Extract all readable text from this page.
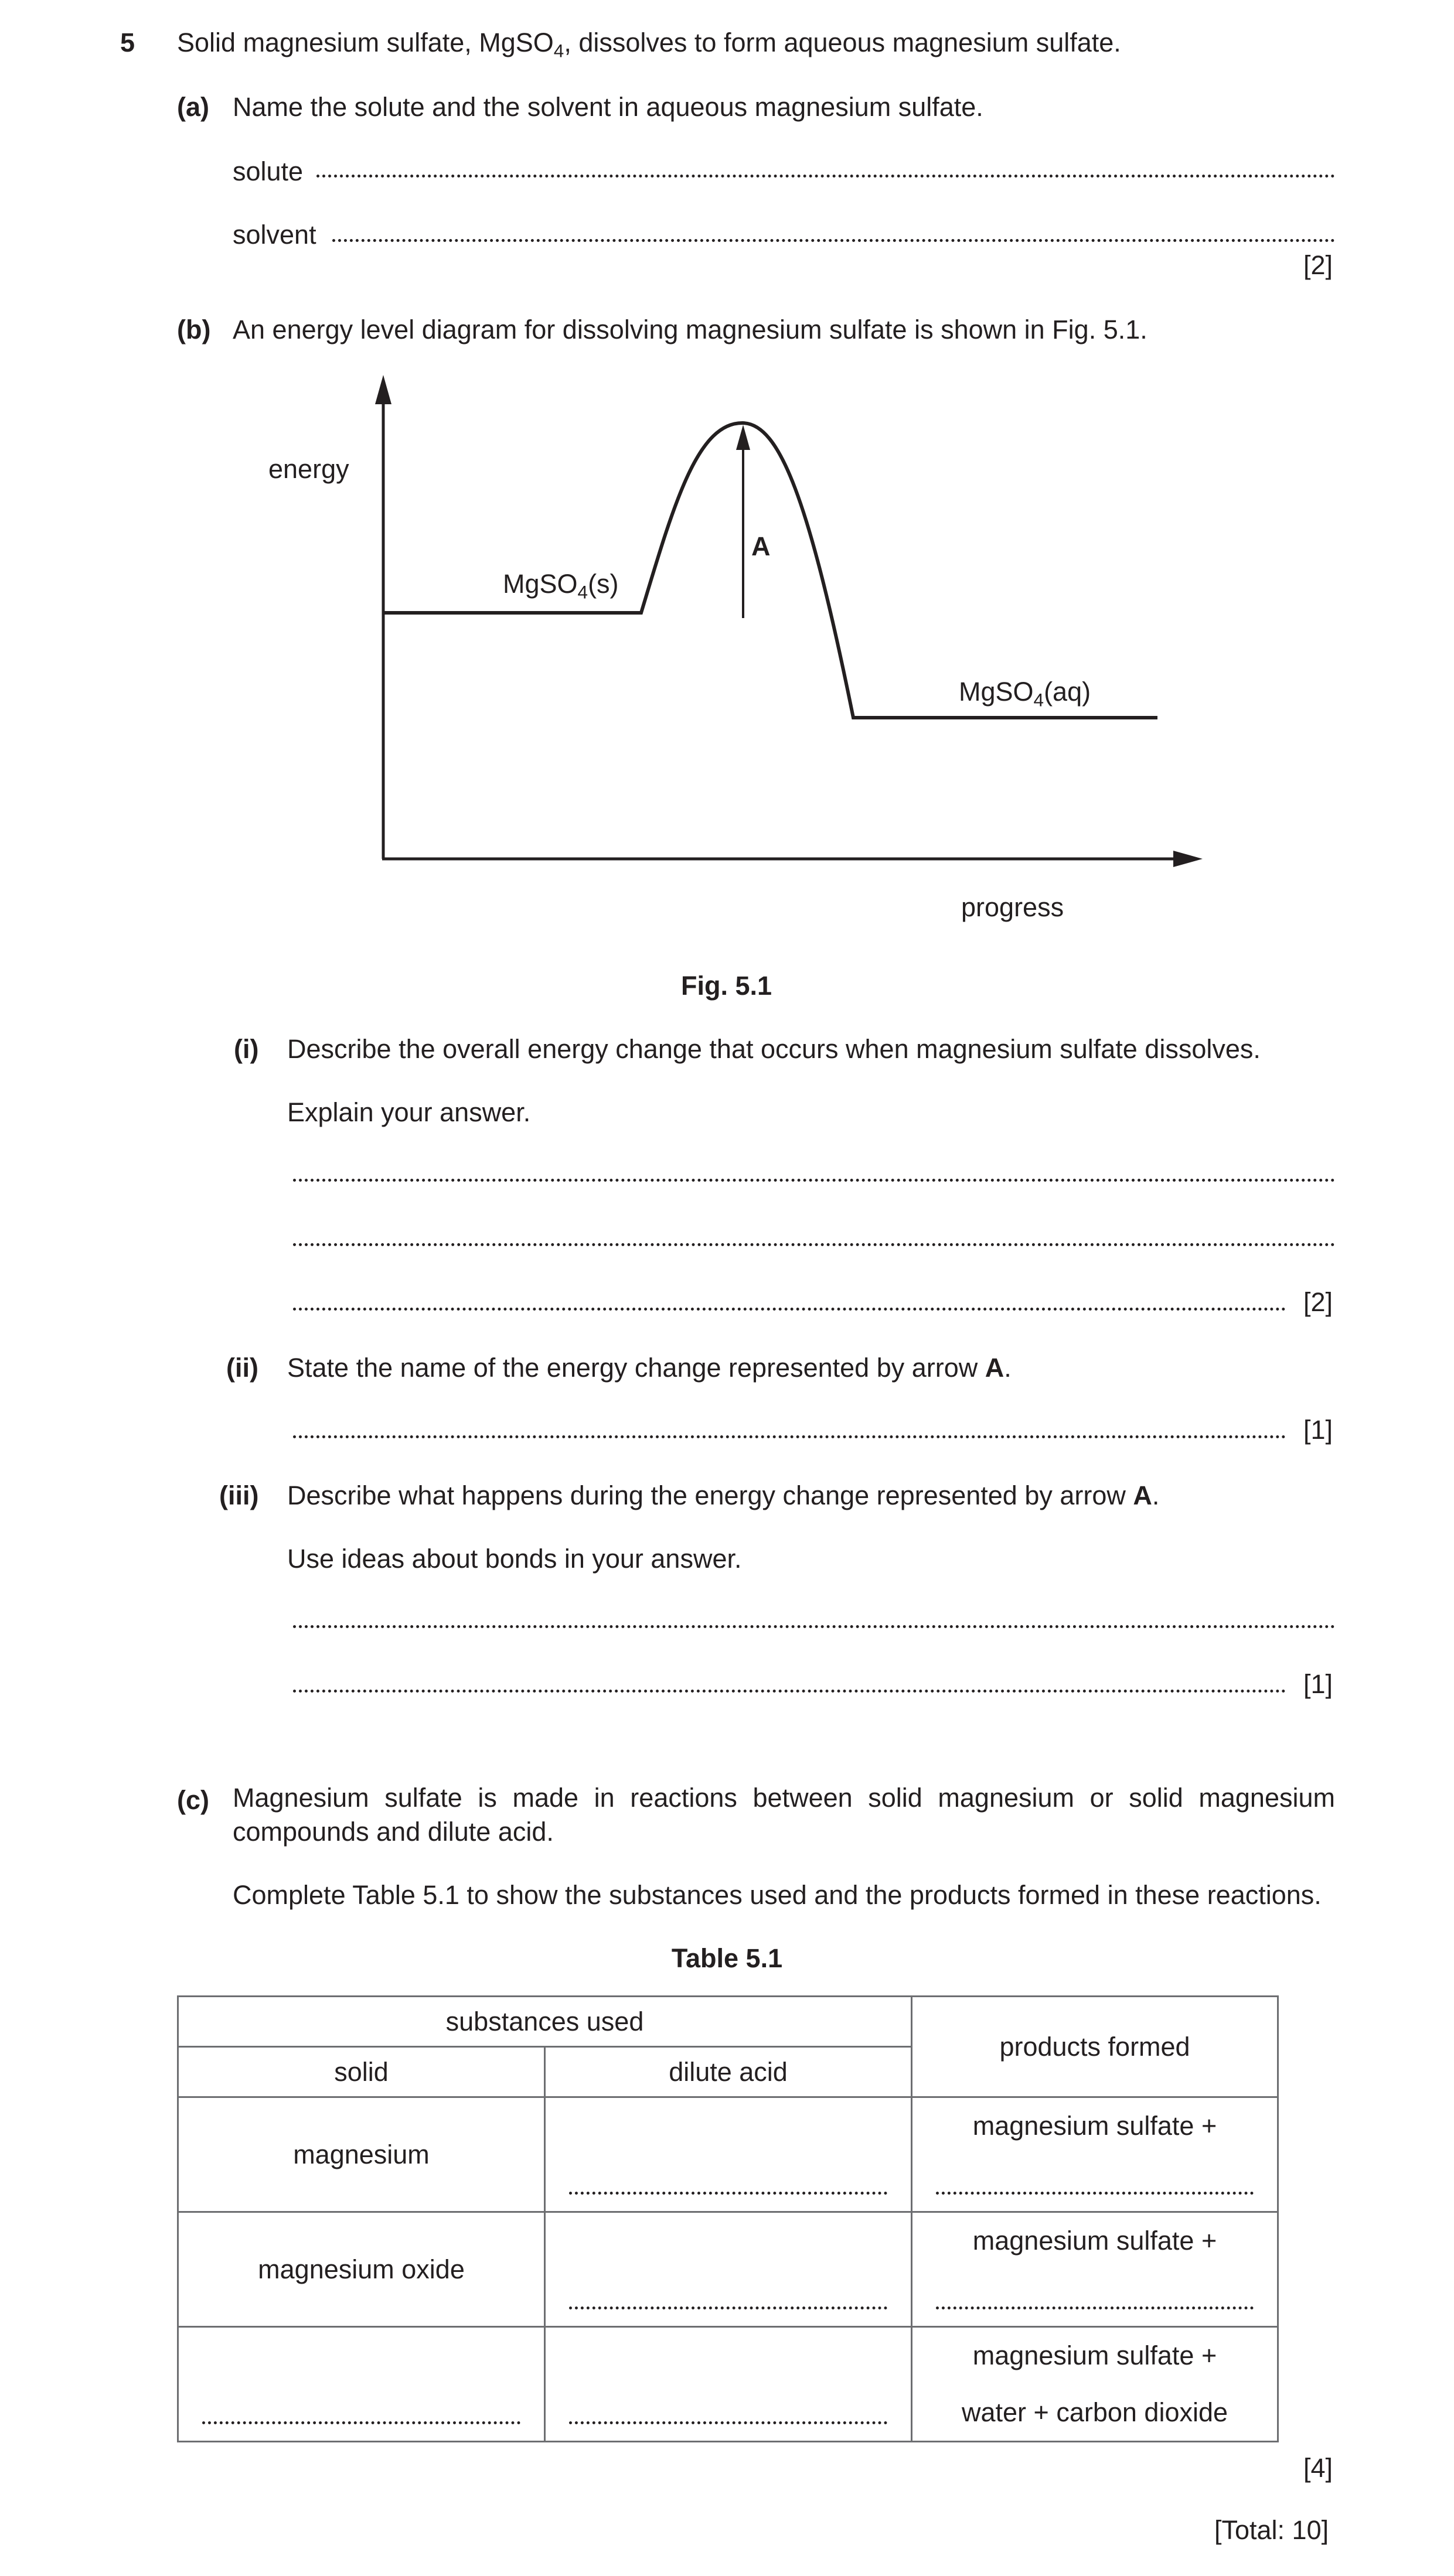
5 Solid magnesium sulfate, MgSO$_4$, dissolves to form aqueous magnesium sulfate.
(a) Name the solute and the solvent in aqueous magnesium sulfate.
solute
solvent
[2]
(b) An energy level diagram for dissolving magnesium sulfate is shown in Fig. 5.1.
energy
progress
A
MgSO$_4$(s)
MgSO$_4$(aq)
Fig. 5.1
(i) Describe the overall energy change that occurs when magnesium sulfate dissolves.
Explain your answer.
[2]
(ii) State the name of the energy change represented by arrow A.
[1]
(iii) Describe what happens during the energy change represented by arrow A.
Use ideas about bonds in your answer.
[1]
(c) Magnesium sulfate is made in reactions between solid magnesium or solid magnesium compounds and dilute acid.
Complete Table 5.1 to show the substances used and the products formed in these reactions.
Table 5.1
substances used		products formed
solid	dilute acid	

magnesium		magnesium sulfate +

magnesium oxide		magnesium sulfate +

		magnesium sulfate +
water + carbon dioxide
[4]
[Total: 10]
